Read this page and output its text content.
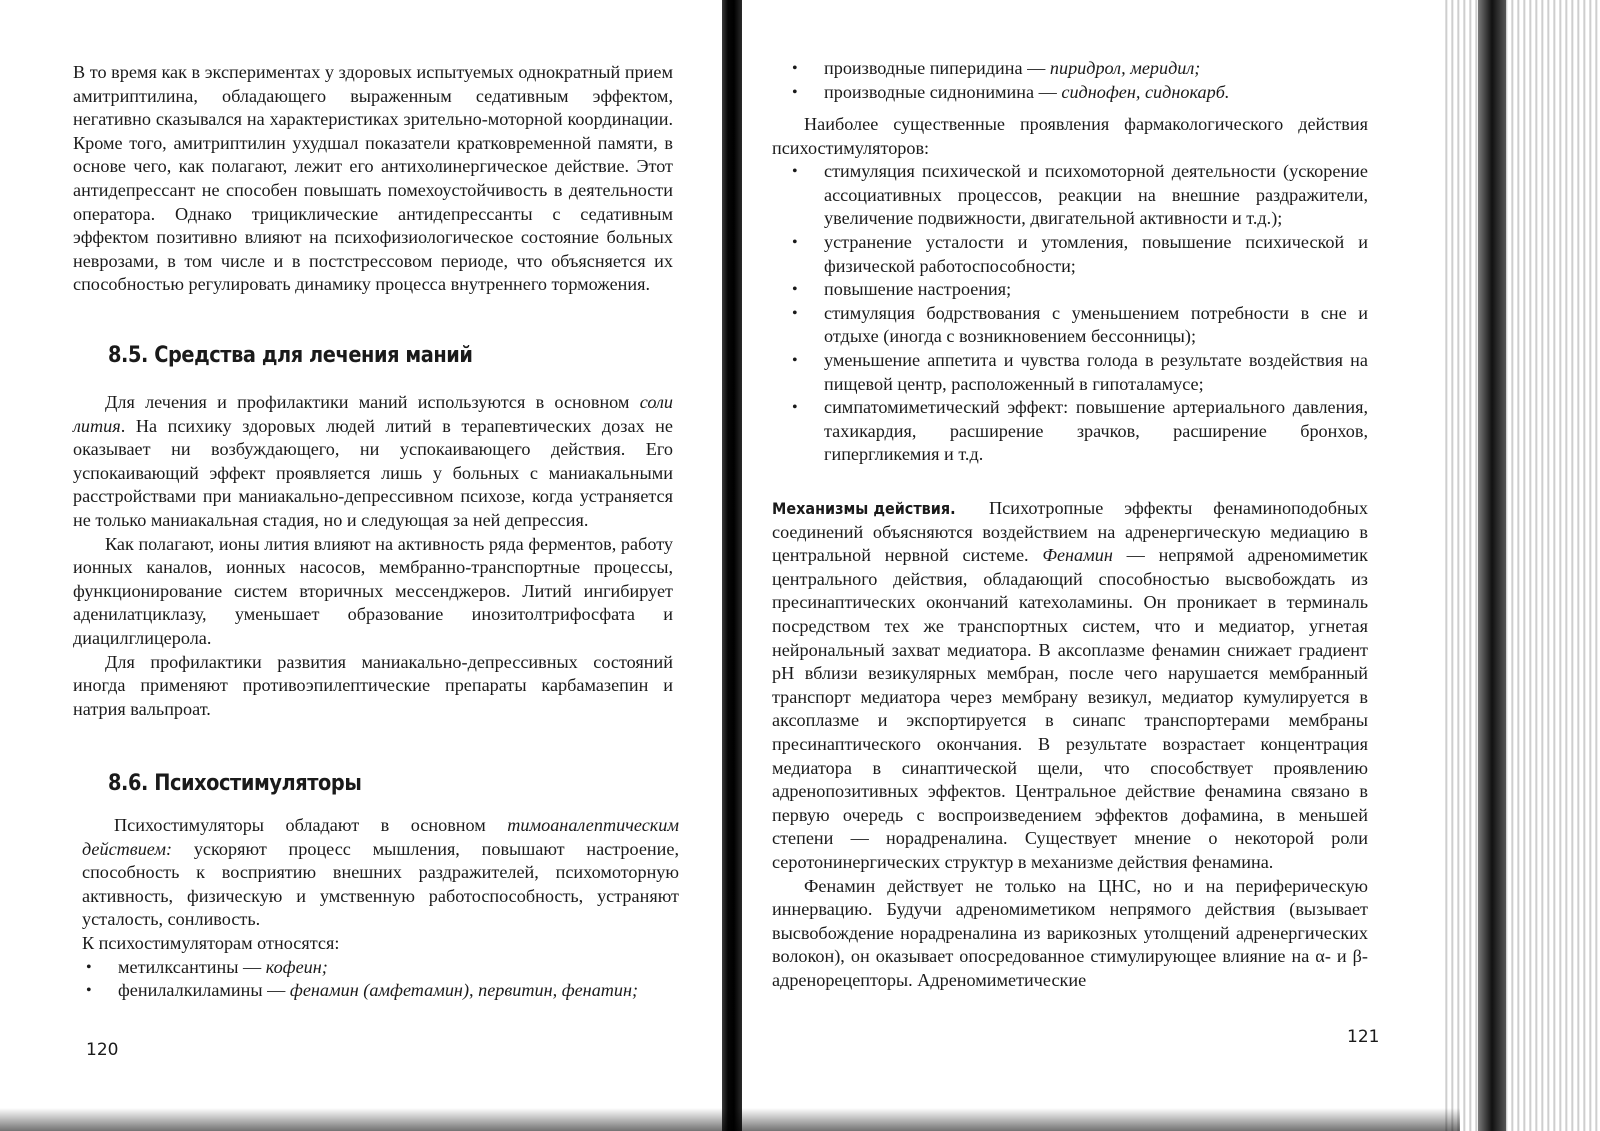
В то время как в экспериментах у здоровых испытуемых однократный прием амитриптилина, обладающего выраженным седативным эффектом, негативно сказывался на характеристиках зрительно-моторной координации. Кроме того, амитриптилин ухудшал показатели кратковременной памяти, в основе чего, как полагают, лежит его антихолинергическое действие. Этот антидепрессант не способен повышать помехоустойчивость в деятельности оператора. Однако трициклические антидепрессанты с седативным эффектом позитивно влияют на психофизиологическое состояние больных неврозами, в том числе и в постстрессовом периоде, что объясняется их способностью регулировать динамику процесса внутреннего торможения.

8.5. Средства для лечения маний

Для лечения и профилактики маний используются в основном соли лития. На психику здоровых людей литий в терапевтических дозах не оказывает ни возбуждающего, ни успокаивающего действия. Его успокаивающий эффект проявляется лишь у больных с маниакальными расстройствами при маниакально-депрессивном психозе, когда устраняется не только маниакальная стадия, но и следующая за ней депрессия.

Как полагают, ионы лития влияют на активность ряда ферментов, работу ионных каналов, ионных насосов, мембранно-транспортные процессы, функционирование систем вторичных мессенджеров. Литий ингибирует аденилатциклазу, уменьшает образование инозитолтрифосфата и диацилглицерола.

Для профилактики развития маниакально-депрессивных состояний иногда применяют противоэпилептические препараты карбамазепин и натрия вальпроат.

8.6. Психостимуляторы

Психостимуляторы обладают в основном тимоаналептическим действием: ускоряют процесс мышления, повышают настроение, способность к восприятию внешних раздражителей, психомоторную активность, физическую и умственную работоспособность, устраняют усталость, сонливость.

К психостимуляторам относятся:

• метилксантины — кофеин;
• фенилалкиламины — фенамин (амфетамин), первитин, фенатин;
120
• производные пиперидина — пиридрол, меридил;
• производные сиднонимина — сиднофен, сиднокарб.

Наиболее существенные проявления фармакологического действия психостимуляторов:

• стимуляция психической и психомоторной деятельности (ускорение ассоциативных процессов, реакции на внешние раздражители, увеличение подвижности, двигательной активности и т.д.);
• устранение усталости и утомления, повышение психической и физической работоспособности;
• повышение настроения;
• стимуляция бодрствования с уменьшением потребности в сне и отдыхе (иногда с возникновением бессонницы);
• уменьшение аппетита и чувства голода в результате воздействия на пищевой центр, расположенный в гипоталамусе;
• симпатомиметический эффект: повышение артериального давления, тахикардия, расширение зрачков, расширение бронхов, гипергликемия и т.д.

Механизмы действия. Психотропные эффекты фенаминоподобных соединений объясняются воздействием на адренергическую медиацию в центральной нервной системе. Фенамин — непрямой адреномиметик центрального действия, обладающий способностью высвобождать из пресинаптических окончаний катехоламины. Он проникает в терминаль посредством тех же транспортных систем, что и медиатор, угнетая нейрональный захват медиатора. В аксоплазме фенамин снижает градиент pH вблизи везикулярных мембран, после чего нарушается мембранный транспорт медиатора через мембрану везикул, медиатор кумулируется в аксоплазме и экспортируется в синапс транспортерами мембраны пресинаптического окончания. В результате возрастает концентрация медиатора в синаптической щели, что способствует проявлению адренопозитивных эффектов. Центральное действие фенамина связано в первую очередь с воспроизведением эффектов дофамина, в меньшей степени — норадреналина. Существует мнение о некоторой роли серотонинергических структур в механизме действия фенамина.

Фенамин действует не только на ЦНС, но и на периферическую иннервацию. Будучи адреномиметиком непрямого действия (вызывает высвобождение норадреналина из варикозных утолщений адренергических волокон), он оказывает опосредованное стимулирующее влияние на α- и β-адренорецепторы. Адреномиметические

121
